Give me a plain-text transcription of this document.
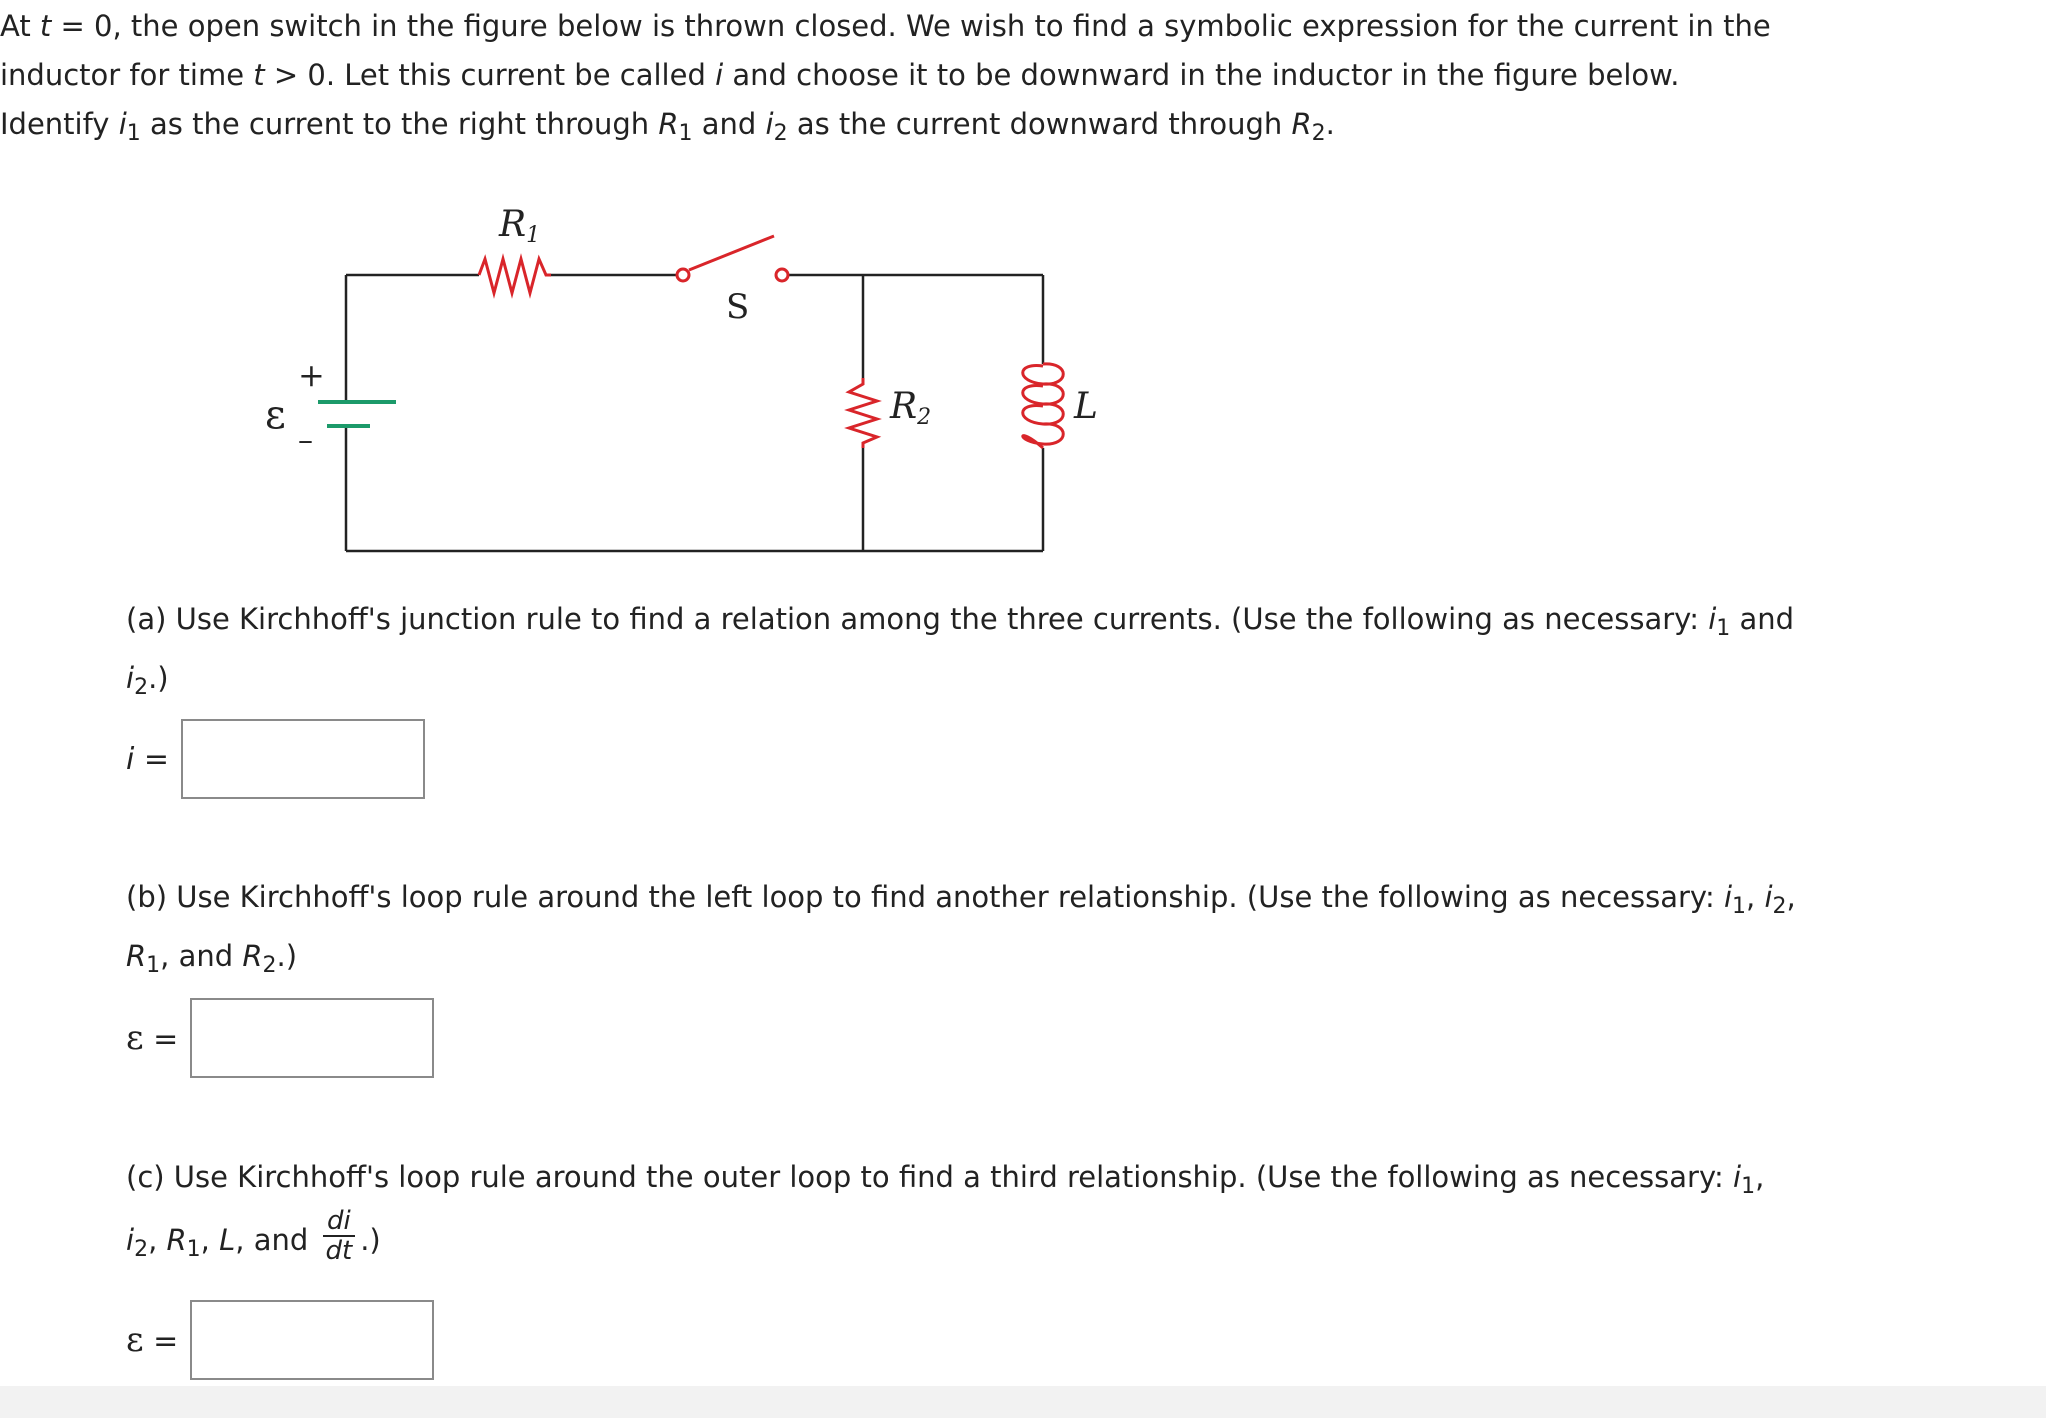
At t = 0, the open switch in the figure below is thrown closed. We wish to find a symbolic expression for the current in the
inductor for time t > 0. Let this current be called i and choose it to be downward in the inductor in the figure below.
Identify $i_1$ as the current to the right through $R_1$ and $i_2$ as the current downward through $R_2$.
R1
S
R2	L
ε
+
–
(a) Use Kirchhoff's junction rule to find a relation among the three currents. (Use the following as necessary: $i_1$ and
$i_2$.)
i =
(b) Use Kirchhoff's loop rule around the left loop to find another relationship. (Use the following as necessary: $i_1$, $i_2$,
$R_1$, and $R_2$.)
ε =
(c) Use Kirchhoff's loop rule around the outer loop to find a third relationship. (Use the following as necessary: $i_1$,
$i_2$, $R_1$, L, and $\frac{di}{dt}$ .)
ε =
